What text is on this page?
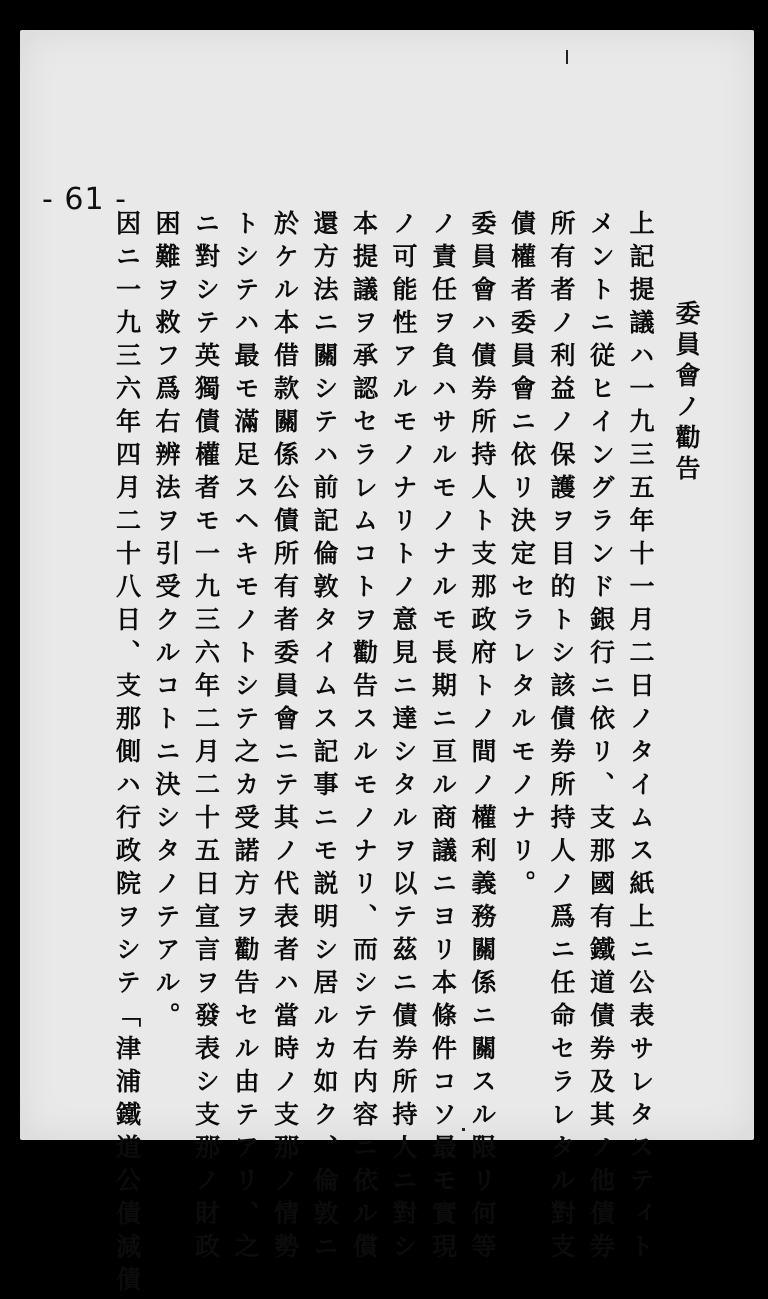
- 61 -
委員會ノ勸告
上記提議ハ一九三五年十一月二日ノタイムス紙上ニ公表サレタスティト
メントニ従ヒイングランド銀行ニ依リ、支那國有鐵道債券及其ノ他債券
所有者ノ利益ノ保護ヲ目的トシ該債券所持人ノ爲ニ任命セラレタル對支
債權者委員會ニ依リ決定セラレタルモノナリ。
委員會ハ債券所持人ト支那政府トノ間ノ權利義務關係ニ關スル限リ何等
ノ責任ヲ負ハサルモノナルモ長期ニ亘ル商議ニヨリ本條件コソ最モ實現
ノ可能性アルモノナリトノ意見ニ達シタルヲ以テ茲ニ債券所持人ニ對シ
本提議ヲ承認セラレムコトヲ勸告スルモノナリ、而シテ右内容ニ依ル償
還方法ニ關シテハ前記倫敦タイムス記事ニモ説明シ居ルカ如ク、倫敦ニ
於ケル本借款關係公債所有者委員會ニテ其ノ代表者ハ當時ノ支那ノ情勢
トシテハ最モ滿足スヘキモノトシテ之カ受諾方ヲ勸告セル由テアリ、之
ニ對シテ英獨債權者モ一九三六年二月二十五日宣言ヲ發表シ支那ノ財政
困難ヲ救フ爲右辨法ヲ引受クルコトニ決シタノテアル。
因ニ一九三六年四月二十八日、支那側ハ行政院ヲシテ「津浦鐵道公債減債
